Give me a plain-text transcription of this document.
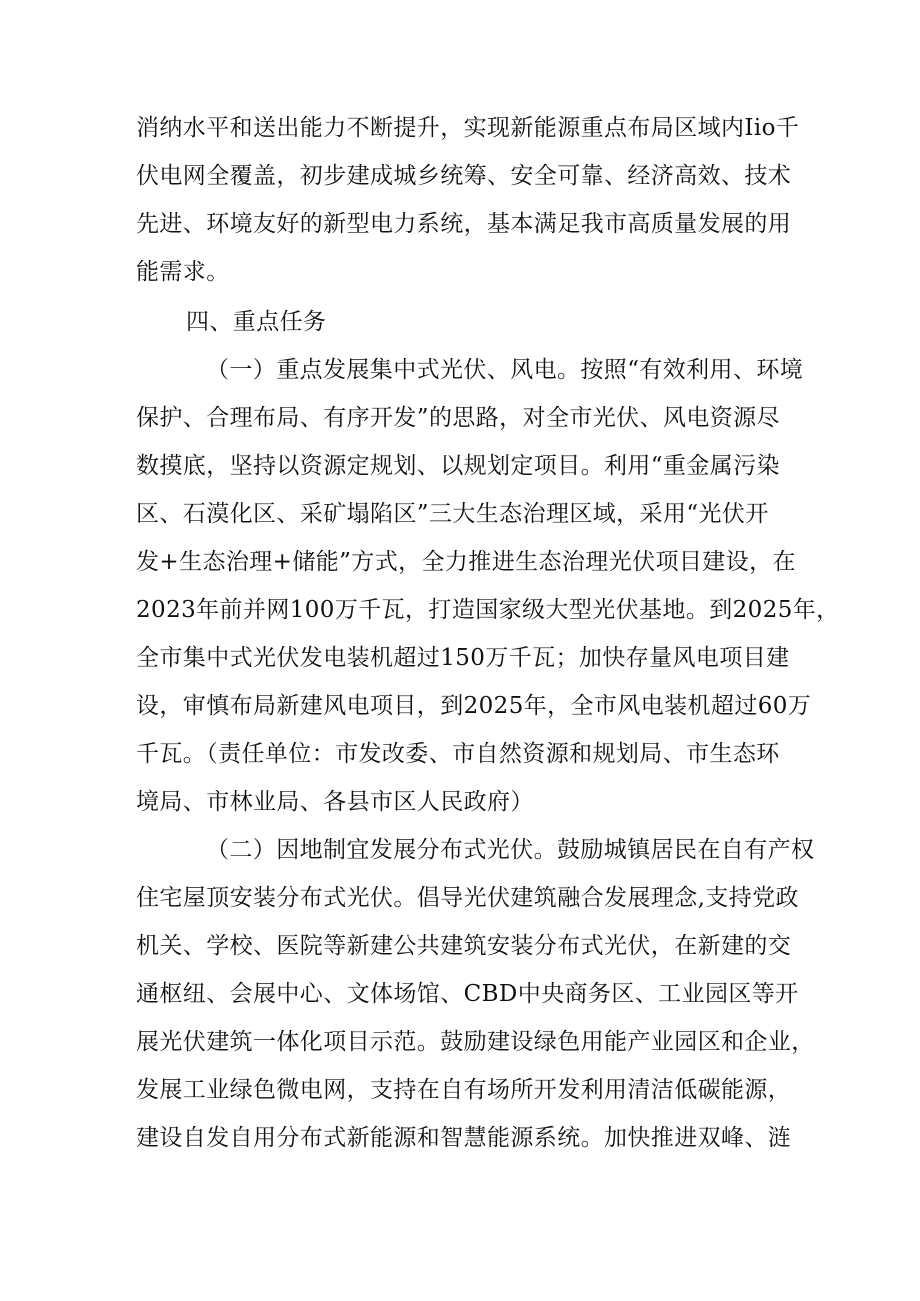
消纳水平和送出能力不断提升，实现新能源重点布局区域内Iio千
伏电网全覆盖，初步建成城乡统筹、安全可靠、经济高效、技术
先进、环境友好的新型电力系统，基本满足我市高质量发展的用
能需求。
四、重点任务
（一）重点发展集中式光伏、风电。按照“有效利用、环境
保护、合理布局、有序开发”的思路，对全市光伏、风电资源尽
数摸底，坚持以资源定规划、以规划定项目。利用“重金属污染
区、石漠化区、采矿塌陷区”三大生态治理区域，采用“光伏开
发+生态治理+储能”方式，全力推进生态治理光伏项目建设，在
2023年前并网100万千瓦，打造国家级大型光伏基地。到2025年，
全市集中式光伏发电装机超过150万千瓦；加快存量风电项目建
设，审慎布局新建风电项目，到2025年，全市风电装机超过60万
千瓦。（责任单位：市发改委、市自然资源和规划局、市生态环
境局、市林业局、各县市区人民政府）
（二）因地制宜发展分布式光伏。鼓励城镇居民在自有产权
住宅屋顶安装分布式光伏。倡导光伏建筑融合发展理念,支持党政
机关、学校、医院等新建公共建筑安装分布式光伏，在新建的交
通枢纽、会展中心、文体场馆、CBD中央商务区、工业园区等开
展光伏建筑一体化项目示范。鼓励建设绿色用能产业园区和企业，
发展工业绿色微电网，支持在自有场所开发利用清洁低碳能源，
建设自发自用分布式新能源和智慧能源系统。加快推进双峰、涟
